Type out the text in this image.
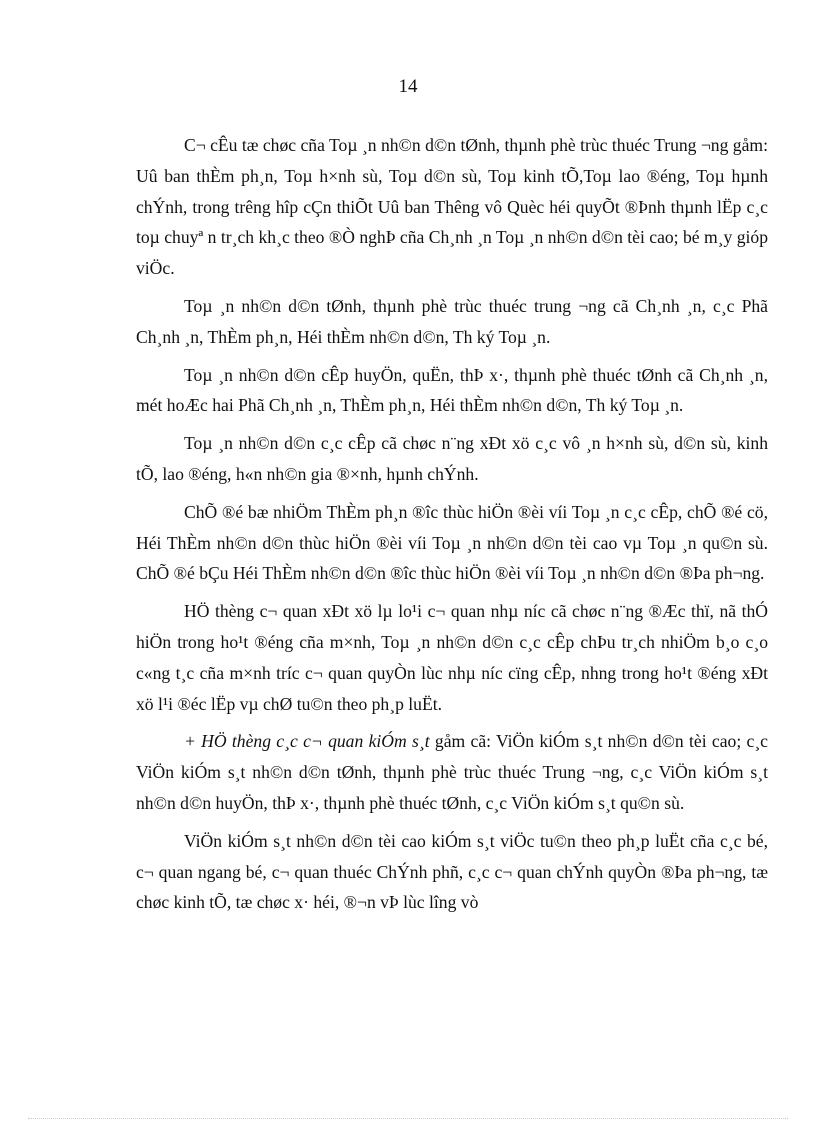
14

C¬ cÊu tæ chøc cña Toµ ¸n nh©n d©n tØnh, thµnh phè trùc thuéc Trung ¬ng gåm: Uû ban thÈm ph¸n, Toµ h×nh sù, Toµ d©n sù, Toµ kinh tÕ,Toµ lao ®éng, Toµ hµnh chÝnh, trong trêng hîp cÇn thiÕt Uû ban Thêng vô Quèc héi quyÕt ®Þnh thµnh lËp c¸c toµ chuyª n tr¸ch kh¸c theo ®Ò nghÞ cña Ch¸nh ¸n Toµ ¸n nh©n d©n tèi cao; bé m¸y gióp viÖc.

Toµ ¸n nh©n d©n tØnh, thµnh phè trùc thuéc trung ¬ng cã Ch¸nh ¸n, c¸c Phã Ch¸nh ¸n, ThÈm ph¸n, Héi thÈm nh©n d©n, Th ký Toµ ¸n.

Toµ ¸n nh©n d©n cÊp huyÖn, quËn, thÞ x·, thµnh phè thuéc tØnh cã Ch¸nh ¸n, mét hoÆc hai Phã Ch¸nh ¸n, ThÈm ph¸n, Héi thÈm nh©n d©n, Th ký Toµ ¸n.

Toµ ¸n nh©n d©n c¸c cÊp cã chøc n¨ng xÐt xö c¸c vô ¸n h×nh sù, d©n sù, kinh tÕ, lao ®éng, h«n nh©n gia ®×nh, hµnh chÝnh.

ChÕ ®é bæ nhiÖm ThÈm ph¸n ®îc thùc hiÖn ®èi víi Toµ ¸n c¸c cÊp, chÕ ®é cö, Héi ThÈm nh©n d©n thùc hiÖn ®èi víi Toµ ¸n nh©n d©n tèi cao vµ Toµ ¸n qu©n sù. ChÕ ®é bÇu Héi ThÈm nh©n d©n ®îc thùc hiÖn ®èi víi Toµ ¸n nh©n d©n ®Þa ph¬ng.

HÖ thèng c¬ quan xÐt xö lµ lo¹i c¬ quan nhµ níc cã chøc n¨ng ®Æc thï, nã thÓ hiÖn trong ho¹t ®éng cña m×nh, Toµ ¸n nh©n d©n c¸c cÊp chÞu tr¸ch nhiÖm b¸o c¸o c«ng t¸c cña m×nh tríc c¬ quan quyÒn lùc nhµ níc cïng cÊp, nhng trong ho¹t ®éng xÐt xö l¹i ®éc lËp vµ chØ tu©n theo ph¸p luËt.

+ HÖ thèng c¸c c¬ quan kiÓm s¸t gåm cã: ViÖn kiÓm s¸t nh©n d©n tèi cao; c¸c ViÖn kiÓm s¸t nh©n d©n tØnh, thµnh phè trùc thuéc Trung ¬ng, c¸c ViÖn kiÓm s¸t nh©n d©n huyÖn, thÞ x·, thµnh phè thuéc tØnh, c¸c ViÖn kiÓm s¸t qu©n sù.

ViÖn kiÓm s¸t nh©n d©n tèi cao kiÓm s¸t viÖc tu©n theo ph¸p luËt cña c¸c bé, c¬ quan ngang bé, c¬ quan thuéc ChÝnh phñ, c¸c c¬ quan chÝnh quyÒn ®Þa ph¬ng, tæ chøc kinh tÕ, tæ chøc x· héi, ®¬n vÞ lùc lîng vò
